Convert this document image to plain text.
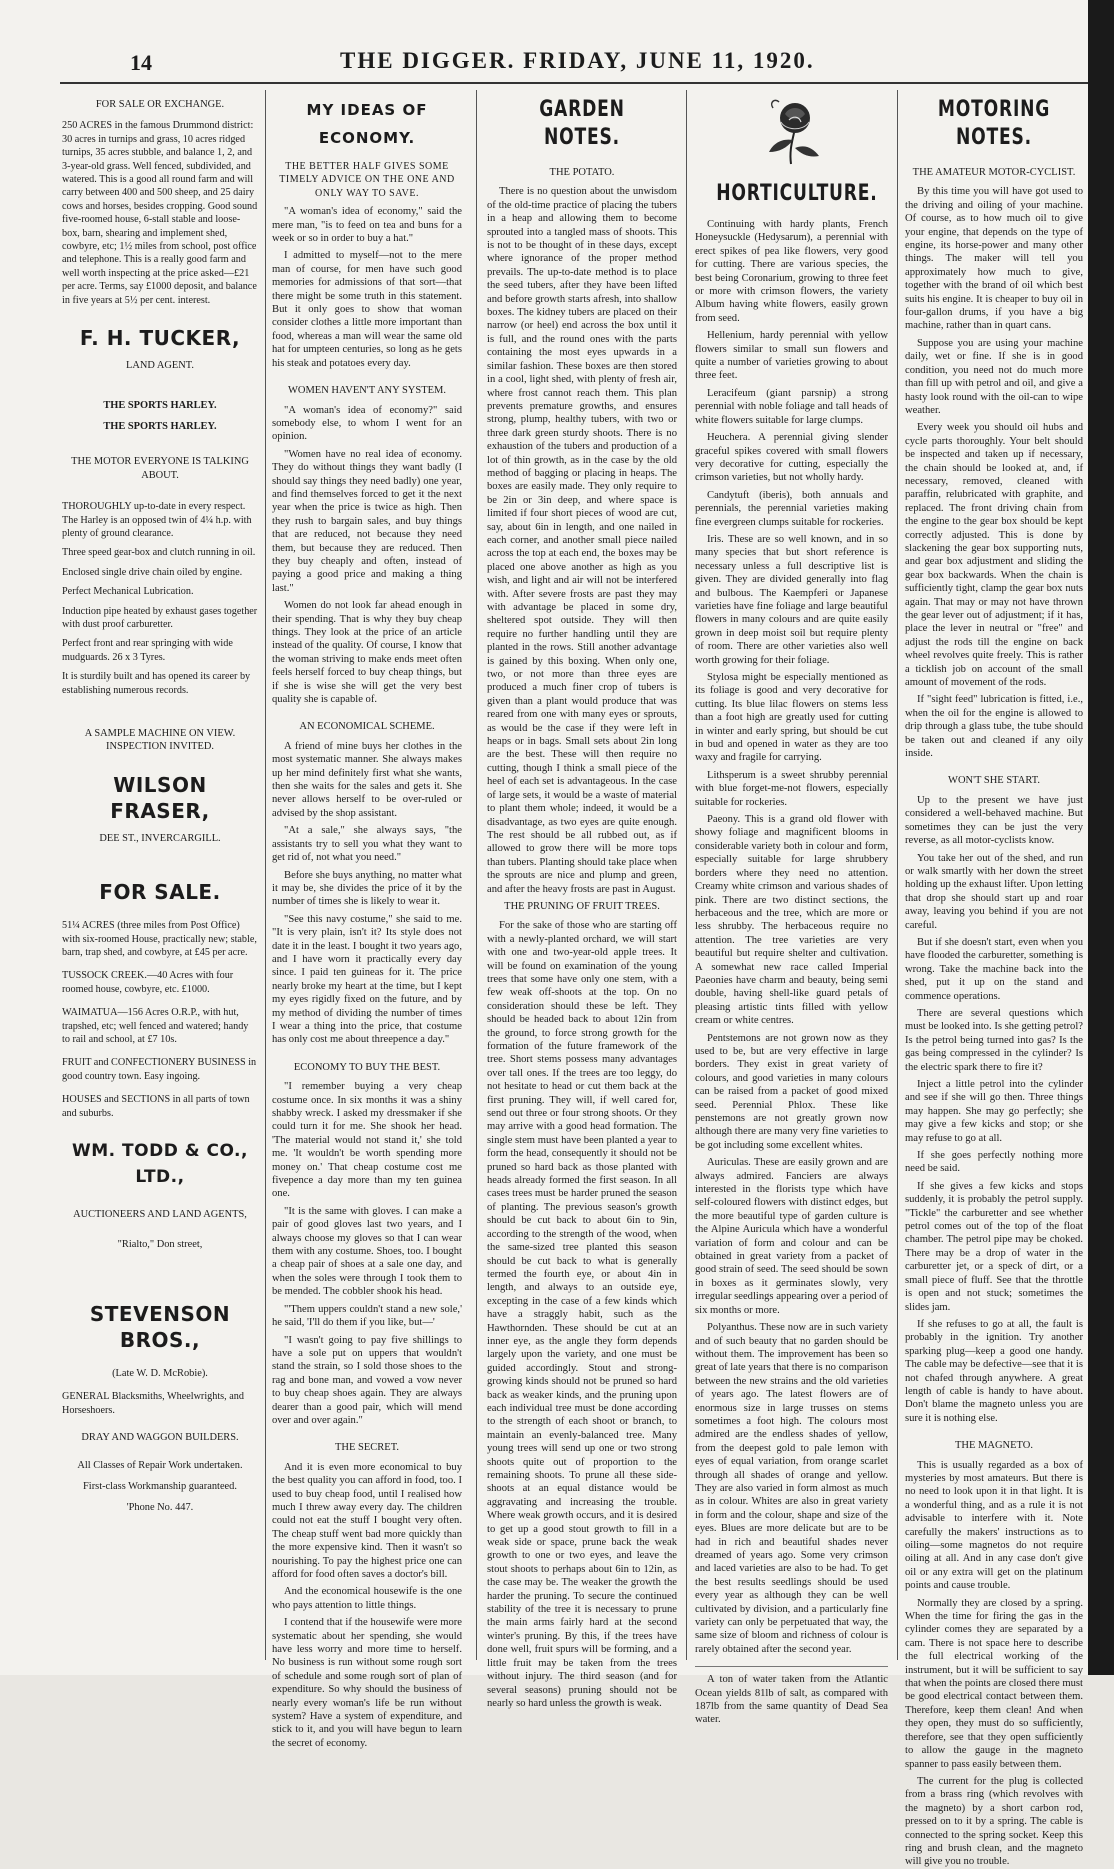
14	THE DIGGER. FRIDAY, JUNE 11, 1920.
FOR SALE OR EXCHANGE.
250 ACRES in the famous Drummond district: 30 acres in turnips and grass, 10 acres ridged turnips, 35 acres stubble, and balance 1, 2, and 3-year-old grass. Well fenced, subdivided, and watered. This is a good all round farm and will carry between 400 and 500 sheep, and 25 dairy cows and horses, besides cropping. Good sound five-roomed house, 6-stall stable and loose-box, barn, shearing and implement shed, cowbyre, etc; 1½ miles from school, post office and telephone. This is a really good farm and well worth inspecting at the price asked—£21 per acre. Terms, say £1000 deposit, and balance in five years at 5½ per cent. interest.
F. H. TUCKER,
LAND AGENT.
THE SPORTS HARLEY.
THE SPORTS HARLEY.
THE MOTOR EVERYONE IS TALKING ABOUT.
THOROUGHLY up-to-date in every respect. The Harley is an opposed twin of 4¼ h.p. with plenty of ground clearance.
Three speed gear-box and clutch running in oil.
Enclosed single drive chain oiled by engine.
Perfect Mechanical Lubrication.
Induction pipe heated by exhaust gases together with dust proof carburetter.
Perfect front and rear springing with wide mudguards. 26 x 3 Tyres.
It is sturdily built and has opened its career by establishing numerous records.
A SAMPLE MACHINE ON VIEW. INSPECTION INVITED.
WILSON FRASER,
DEE ST., INVERCARGILL.
FOR SALE.
51¼ ACRES (three miles from Post Office) with six-roomed House, practically new; stable, barn, trap shed, and cowbyre, at £45 per acre.
TUSSOCK CREEK.—40 Acres with four roomed house, cowbyre, etc. £1000.
WAIMATUA—156 Acres O.R.P., with hut, trapshed, etc; well fenced and watered; handy to rail and school, at £7 10s.
FRUIT and CONFECTIONERY BUSINESS in good country town. Easy ingoing.
HOUSES and SECTIONS in all parts of town and suburbs.
WM. TODD & CO., LTD.,
AUCTIONEERS AND LAND AGENTS,
"Rialto," Don street,
STEVENSON BROS.,
(Late W. D. McRobie).
GENERAL Blacksmiths, Wheelwrights, and Horseshoers.
DRAY AND WAGGON BUILDERS.
All Classes of Repair Work undertaken.
First-class Workmanship guaranteed.
'Phone No. 447.
MY IDEAS OF ECONOMY.
THE BETTER HALF GIVES SOME TIMELY ADVICE ON THE ONE AND ONLY WAY TO SAVE.

"A woman's idea of economy," said the mere man, "is to feed on tea and buns for a week or so in order to buy a hat."

I admitted to myself—not to the mere man of course, for men have such good memories for admissions of that sort—that there might be some truth in this statement. But it only goes to show that woman consider clothes a little more important than food, whereas a man will wear the same old hat for umpteen centuries, so long as he gets his steak and potatoes every day.

WOMEN HAVEN'T ANY SYSTEM.

"A woman's idea of economy?" said somebody else, to whom I went for an opinion.

"Women have no real idea of economy. They do without things they want badly (I should say things they need badly) one year, and find themselves forced to get it the next year when the price is twice as high. Then they rush to bargain sales, and buy things that are reduced, not because they need them, but because they are reduced. Then they buy cheaply and often, instead of paying a good price and making a thing last."

Women do not look far ahead enough in their spending. That is why they buy cheap things. They look at the price of an article instead of the quality. Of course, I know that the woman striving to make ends meet often feels herself forced to buy cheap things, but if she is wise she will get the very best quality she is capable of.

AN ECONOMICAL SCHEME.

A friend of mine buys her clothes in the most systematic manner. She always makes up her mind definitely first what she wants, then she waits for the sales and gets it. She never allows herself to be over-ruled or advised by the shop assistant.

"At a sale," she always says, "the assistants try to sell you what they want to get rid of, not what you need."

Before she buys anything, no matter what it may be, she divides the price of it by the number of times she is likely to wear it.

"See this navy costume," she said to me. "It is very plain, isn't it? Its style does not date it in the least. I bought it two years ago, and I have worn it practically every day since. I paid ten guineas for it. The price nearly broke my heart at the time, but I kept my eyes rigidly fixed on the future, and by my method of dividing the number of times I wear a thing into the price, that costume has only cost me about threepence a day."

ECONOMY TO BUY THE BEST.

"I remember buying a very cheap costume once. In six months it was a shiny shabby wreck. I asked my dressmaker if she could turn it for me. She shook her head. 'The material would not stand it,' she told me. 'It wouldn't be worth spending more money on.' That cheap costume cost me fivepence a day more than my ten guinea one.

"It is the same with gloves. I can make a pair of good gloves last two years, and I always choose my gloves so that I can wear them with any costume. Shoes, too. I bought a cheap pair of shoes at a sale one day, and when the soles were through I took them to be mended. The cobbler shook his head.

"'Them uppers couldn't stand a new sole,' he said, 'I'll do them if you like, but—'

"I wasn't going to pay five shillings to have a sole put on uppers that wouldn't stand the strain, so I sold those shoes to the rag and bone man, and vowed a vow never to buy cheap shoes again. They are always dearer than a good pair, which will mend over and over again."

THE SECRET.

And it is even more economical to buy the best quality you can afford in food, too. I used to buy cheap food, until I realised how much I threw away every day. The children could not eat the stuff I bought very often. The cheap stuff went bad more quickly than the more expensive kind. Then it wasn't so nourishing. To pay the highest price one can afford for food often saves a doctor's bill.

And the economical housewife is the one who pays attention to little things.

I contend that if the housewife were more systematic about her spending, she would have less worry and more time to herself. No business is run without some rough sort of schedule and some rough sort of plan of expenditure. So why should the business of nearly every woman's life be run without system? Have a system of expenditure, and stick to it, and you will have begun to learn the secret of economy.

GARDEN NOTES.
THE POTATO.

There is no question about the unwisdom of the old-time practice of placing the tubers in a heap and allowing them to become sprouted into a tangled mass of shoots. This is not to be thought of in these days, except where ignorance of the proper method prevails. The up-to-date method is to place the seed tubers, after they have been lifted and before growth starts afresh, into shallow boxes. The kidney tubers are placed on their narrow (or heel) end across the box until it is full, and the round ones with the parts containing the most eyes upwards in a similar fashion. These boxes are then stored in a cool, light shed, with plenty of fresh air, where frost cannot reach them. This plan prevents premature growths, and ensures strong, plump, healthy tubers, with two or three dark green sturdy shoots. There is no exhaustion of the tubers and production of a lot of thin growth, as in the case by the old method of bagging or placing in heaps. The boxes are easily made. They only require to be 2in or 3in deep, and where space is limited if four short pieces of wood are cut, say, about 6in in length, and one nailed in each corner, and another small piece nailed across the top at each end, the boxes may be placed one above another as high as you wish, and light and air will not be interfered with. After severe frosts are past they may with advantage be placed in some dry, sheltered spot outside. They will then require no further handling until they are planted in the rows. Still another advantage is gained by this boxing. When only one, two, or not more than three eyes are produced a much finer crop of tubers is given than a plant would produce that was reared from one with many eyes or sprouts, as would be the case if they were left in heaps or in bags. Small sets about 2in long are the best. These will then require no cutting, though I think a small piece of the heel of each set is advantageous. In the case of large sets, it would be a waste of material to plant them whole; indeed, it would be a disadvantage, as two eyes are quite enough. The rest should be all rubbed out, as if allowed to grow there will be more tops than tubers. Planting should take place when the sprouts are nice and plump and green, and after the heavy frosts are past in August.

THE PRUNING OF FRUIT TREES.

For the sake of those who are starting off with a newly-planted orchard, we will start with one and two-year-old apple trees. It will be found on examination of the young trees that some have only one stem, with a few weak off-shoots at the top. On no consideration should these be left. They should be headed back to about 12in from the ground, to force strong growth for the formation of the future framework of the tree. Short stems possess many advantages over tall ones. If the trees are too leggy, do not hesitate to head or cut them back at the first pruning. They will, if well cared for, send out three or four strong shoots. Or they may arrive with a good head formation. The single stem must have been planted a year to form the head, consequently it should not be pruned so hard back as those planted with heads already formed the first season. In all cases trees must be harder pruned the season of planting. The previous season's growth should be cut back to about 6in to 9in, according to the strength of the wood, when the same-sized tree planted this season should be cut back to what is generally termed the fourth eye, or about 4in in length, and always to an outside eye, excepting in the case of a few kinds which have a straggly habit, such as the Hawthornden. These should be cut at an inner eye, as the angle they form depends largely upon the variety, and one must be guided accordingly. Stout and strong-growing kinds should not be pruned so hard back as weaker kinds, and the pruning upon each individual tree must be done according to the strength of each shoot or branch, to maintain an evenly-balanced tree. Many young trees will send up one or two strong shoots quite out of proportion to the remaining shoots. To prune all these side-shoots at an equal distance would be aggravating and increasing the trouble. Where weak growth occurs, and it is desired to get up a good stout growth to fill in a weak side or space, prune back the weak growth to one or two eyes, and leave the stout shoots to perhaps about 6in to 12in, as the case may be. The weaker the growth the harder the pruning. To secure the continued stability of the tree it is necessary to prune the main arms fairly hard at the second winter's pruning. By this, if the trees have done well, fruit spurs will be forming, and a little fruit may be taken from the trees without injury. The third season (and for several seasons) pruning should not be nearly so hard unless the growth is weak.

HORTICULTURE.

Continuing with hardy plants, French Honeysuckle (Hedysarum), a perennial with erect spikes of pea like flowers, very good for cutting. There are various species, the best being Coronarium, growing to three feet or more with crimson flowers, the variety Album having white flowers, easily grown from seed.

Hellenium, hardy perennial with yellow flowers similar to small sun flowers and quite a number of varieties growing to about three feet.

Leracifeum (giant parsnip) a strong perennial with noble foliage and tall heads of white flowers suitable for large clumps.

Heuchera. A perennial giving slender graceful spikes covered with small flowers very decorative for cutting, especially the crimson varieties, but not wholly hardy.

Candytuft (iberis), both annuals and perennials, the perennial varieties making fine evergreen clumps suitable for rockeries.

Iris. These are so well known, and in so many species that but short reference is necessary unless a full descriptive list is given. They are divided generally into flag and bulbous. The Kaempferi or Japanese varieties have fine foliage and large beautiful flowers in many colours and are quite easily grown in deep moist soil but require plenty of room. There are other varieties also well worth growing for their foliage.

Stylosa might be especially mentioned as its foliage is good and very decorative for cutting. Its blue lilac flowers on stems less than a foot high are greatly used for cutting in winter and early spring, but should be cut in bud and opened in water as they are too waxy and fragile for carrying.

Lithsperum is a sweet shrubby perennial with blue forget-me-not flowers, especially suitable for rockeries.

Paeony. This is a grand old flower with showy foliage and magnificent blooms in considerable variety both in colour and form, especially suitable for large shrubbery borders where they need no attention. Creamy white crimson and various shades of pink. There are two distinct sections, the herbaceous and the tree, which are more or less shrubby. The herbaceous require no attention. The tree varieties are very beautiful but require shelter and cultivation. A somewhat new race called Imperial Paeonies have charm and beauty, being semi double, having shell-like guard petals of pleasing artistic tints filled with yellow cream or white centres.

Pentstemons are not grown now as they used to be, but are very effective in large borders. They exist in great variety of colours, and good varieties in many colours can be raised from a packet of good mixed seed. Perennial Phlox. These like penstemons are not greatly grown now although there are many very fine varieties to be got including some excellent whites.

Auriculas. These are easily grown and are always admired. Fanciers are always interested in the florists type which have self-coloured flowers with distinct edges, but the more beautiful type of garden culture is the Alpine Auricula which have a wonderful variation of form and colour and can be obtained in great variety from a packet of good strain of seed. The seed should be sown in boxes as it germinates slowly, very irregular seedlings appearing over a period of six months or more.

Polyanthus. These now are in such variety and of such beauty that no garden should be without them. The improvement has been so great of late years that there is no comparison between the new strains and the old varieties of years ago. The latest flowers are of enormous size in large trusses on stems sometimes a foot high. The colours most admired are the endless shades of yellow, from the deepest gold to pale lemon with eyes of equal variation, from orange scarlet through all shades of orange and yellow. They are also varied in form almost as much as in colour. Whites are also in great variety in form and the colour, shape and size of the eyes. Blues are more delicate but are to be had in rich and beautiful shades never dreamed of years ago. Some very crimson and laced varieties are also to be had. To get the best results seedlings should be used every year as although they can be well cultivated by division, and a particularly fine variety can only be perpetuated that way, the same size of bloom and richness of colour is rarely obtained after the second year.

A ton of water taken from the Atlantic Ocean yields 81lb of salt, as compared with 187lb from the same quantity of Dead Sea water.

MOTORING NOTES.
THE AMATEUR MOTOR-CYCLIST.

By this time you will have got used to the driving and oiling of your machine. Of course, as to how much oil to give your engine, that depends on the type of engine, its horse-power and many other things. The maker will tell you approximately how much to give, together with the brand of oil which best suits his engine. It is cheaper to buy oil in four-gallon drums, if you have a big machine, rather than in quart cans.

Suppose you are using your machine daily, wet or fine. If she is in good condition, you need not do much more than fill up with petrol and oil, and give a hasty look round with the oil-can to wipe weather.

Every week you should oil hubs and cycle parts thoroughly. Your belt should be inspected and taken up if necessary, the chain should be looked at, and, if necessary, removed, cleaned with paraffin, relubricated with graphite, and replaced. The front driving chain from the engine to the gear box should be kept correctly adjusted. This is done by slackening the gear box supporting nuts, and gear box adjustment and sliding the gear box backwards. When the chain is sufficiently tight, clamp the gear box nuts again. That may or may not have thrown the gear lever out of adjustment; if it has, place the lever in neutral or "free" and adjust the rods till the engine on back wheel revolves quite freely. This is rather a ticklish job on account of the small amount of movement of the rods.

If "sight feed" lubrication is fitted, i.e., when the oil for the engine is allowed to drip through a glass tube, the tube should be taken out and cleaned if any oily inside.

WON'T SHE START.

Up to the present we have just considered a well-behaved machine. But sometimes they can be just the very reverse, as all motor-cyclists know.

You take her out of the shed, and run or walk smartly with her down the street holding up the exhaust lifter. Upon letting that drop she should start up and roar away, leaving you behind if you are not careful.

But if she doesn't start, even when you have flooded the carburetter, something is wrong. Take the machine back into the shed, put it up on the stand and commence operations.

There are several questions which must be looked into. Is she getting petrol? Is the petrol being turned into gas? Is the gas being compressed in the cylinder? Is the electric spark there to fire it?

Inject a little petrol into the cylinder and see if she will go then. Three things may happen. She may go perfectly; she may give a few kicks and stop; or she may refuse to go at all.

If she goes perfectly nothing more need be said.

If she gives a few kicks and stops suddenly, it is probably the petrol supply. "Tickle" the carburetter and see whether petrol comes out of the top of the float chamber. The petrol pipe may be choked. There may be a drop of water in the carburetter jet, or a speck of dirt, or a small piece of fluff. See that the throttle is open and not stuck; sometimes the slides jam.

If she refuses to go at all, the fault is probably in the ignition. Try another sparking plug—keep a good one handy. The cable may be defective—see that it is not chafed through anywhere. A great length of cable is handy to have about. Don't blame the magneto unless you are sure it is nothing else.

THE MAGNETO.

This is usually regarded as a box of mysteries by most amateurs. But there is no need to look upon it in that light. It is a wonderful thing, and as a rule it is not advisable to interfere with it. Note carefully the makers' instructions as to oiling—some magnetos do not require oiling at all. And in any case don't give oil or any extra will get on the platinum points and cause trouble.

Normally they are closed by a spring. When the time for firing the gas in the cylinder comes they are separated by a cam. There is not space here to describe the full electrical working of the instrument, but it will be sufficient to say that when the points are closed there must be good electrical contact between them. Therefore, keep them clean! And when they open, they must do so sufficiently, therefore, see that they open sufficiently to allow the gauge in the magneto spanner to pass easily between them.

The current for the plug is collected from a brass ring (which revolves with the magneto) by a short carbon rod, pressed on to it by a spring. The cable is connected to the spring socket. Keep this ring and brush clean, and the magneto will give you no trouble.
